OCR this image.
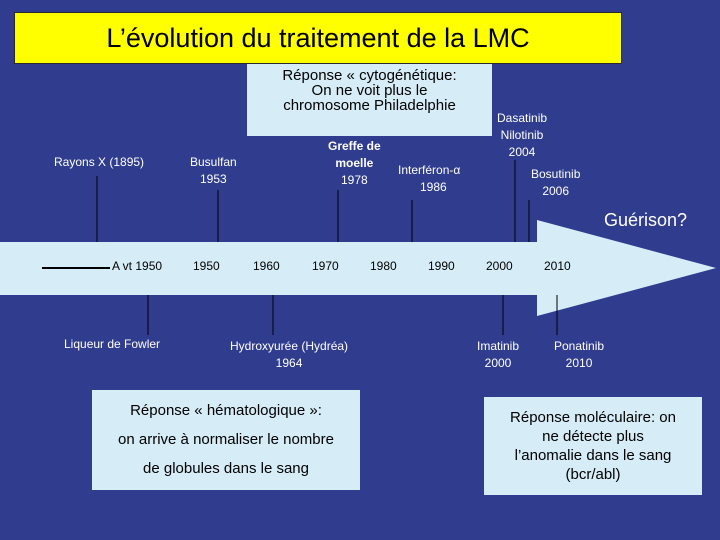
L’évolution du traitement de la LMC
Réponse « cytogénétique:
On ne voit plus le
chromosome Philadelphie
Rayons X (1895)	Busulfan
1953
Greffe de
moelle
1978
Interféron-α
1986
Dasatinib
Nilotinib
2004
Bosutinib
2006
Guérison?
A vt 1950	1950	1960	1970	1980	1990	2000	2010
Liqueur de Fowler	Hydroxyurée (Hydréa)
1964
Imatinib
2000
Ponatinib
2010
Réponse « hématologique »:
on arrive à normaliser le nombre
de globules dans le sang
Réponse moléculaire: on
ne détecte plus
l’anomalie dans le sang
(bcr/abl)
